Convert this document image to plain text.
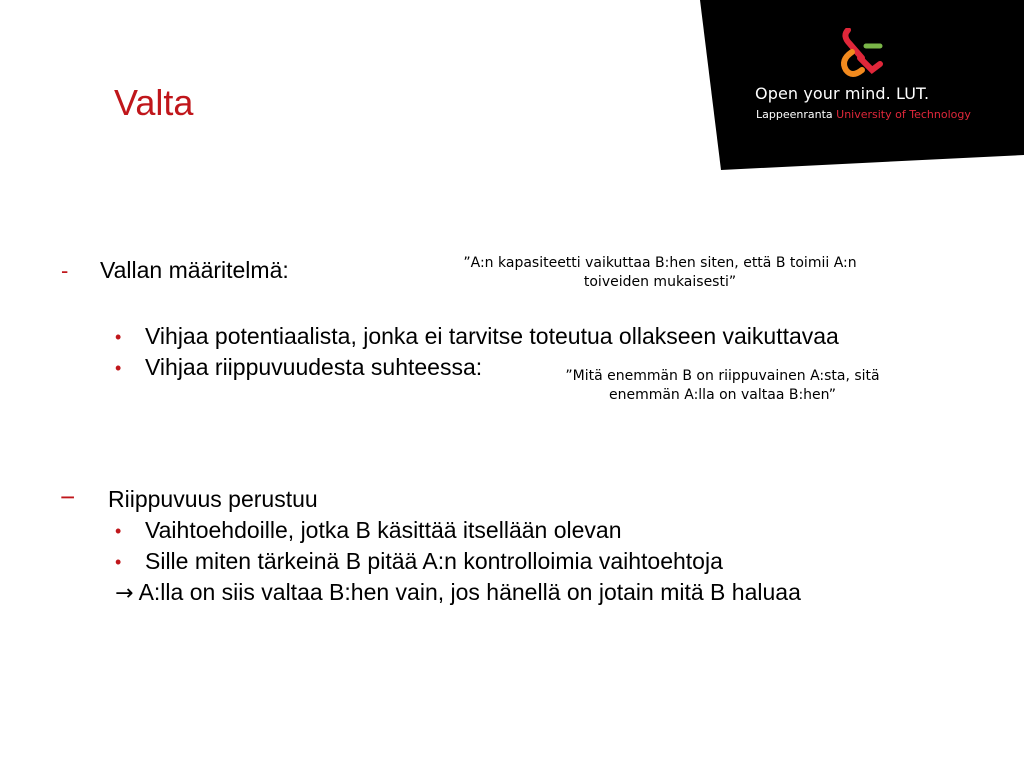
Open your mind. LUT.
Lappeenranta University of Technology
Valta
- Vallan määritelmä:	”A:n kapasiteetti vaikuttaa B:hen siten, että B toimii A:n toiveiden mukaisesti”
• Vihjaa potentiaalista, jonka ei tarvitse toteutua ollakseen vaikuttavaa
• Vihjaa riippuvuudesta suhteessa:	”Mitä enemmän B on riippuvainen A:sta, sitä enemmän A:lla on valtaa B:hen”
− Riippuvuus perustuu
• Vaihtoehdoille, jotka B käsittää itsellään olevan
• Sille miten tärkeinä B pitää A:n kontrolloimia vaihtoehtoja
→ A:lla on siis valtaa B:hen vain, jos hänellä on jotain mitä B haluaa
